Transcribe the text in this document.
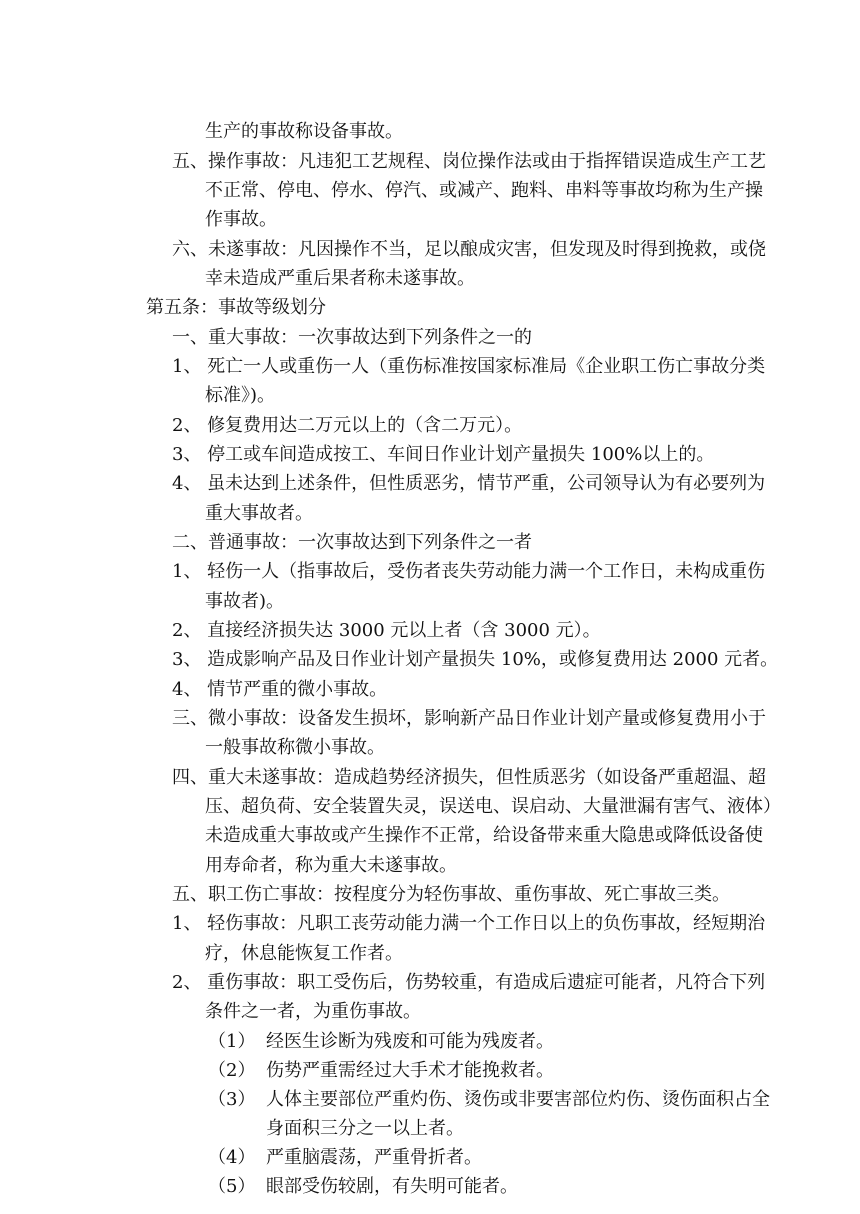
生产的事故称设备事故。
五、操作事故：凡违犯工艺规程、岗位操作法或由于指挥错误造成生产工艺
不正常、停电、停水、停汽、或减产、跑料、串料等事故均称为生产操
作事故。
六、未遂事故：凡因操作不当，足以酿成灾害，但发现及时得到挽救，或侥
幸未造成严重后果者称未遂事故。
第五条：事故等级划分
一、重大事故：一次事故达到下列条件之一的
1、 死亡一人或重伤一人（重伤标准按国家标准局《企业职工伤亡事故分类
标准》)。
2、 修复费用达二万元以上的（含二万元）。
3、 停工或车间造成按工、车间日作业计划产量损失 100%以上的。
4、 虽未达到上述条件，但性质恶劣，情节严重，公司领导认为有必要列为
重大事故者。
二、普通事故：一次事故达到下列条件之一者
1、 轻伤一人（指事故后，受伤者丧失劳动能力满一个工作日，未构成重伤
事故者)。
2、 直接经济损失达 3000 元以上者（含 3000 元）。
3、 造成影响产品及日作业计划产量损失 10%，或修复费用达 2000 元者。
4、 情节严重的微小事故。
三、微小事故：设备发生损坏，影响新产品日作业计划产量或修复费用小于
一般事故称微小事故。
四、重大未遂事故：造成趋势经济损失，但性质恶劣（如设备严重超温、超
压、超负荷、安全装置失灵，误送电、误启动、大量泄漏有害气、液体）
未造成重大事故或产生操作不正常，给设备带来重大隐患或降低设备使
用寿命者，称为重大未遂事故。
五、职工伤亡事故：按程度分为轻伤事故、重伤事故、死亡事故三类。
1、 轻伤事故：凡职工丧劳动能力满一个工作日以上的负伤事故，经短期治
疗，休息能恢复工作者。
2、 重伤事故：职工受伤后，伤势较重，有造成后遗症可能者，凡符合下列
条件之一者，为重伤事故。
（1） 经医生诊断为残废和可能为残废者。
（2） 伤势严重需经过大手术才能挽救者。
（3） 人体主要部位严重灼伤、烫伤或非要害部位灼伤、烫伤面积占全
身面积三分之一以上者。
（4） 严重脑震荡，严重骨折者。
（5） 眼部受伤较剧，有失明可能者。
